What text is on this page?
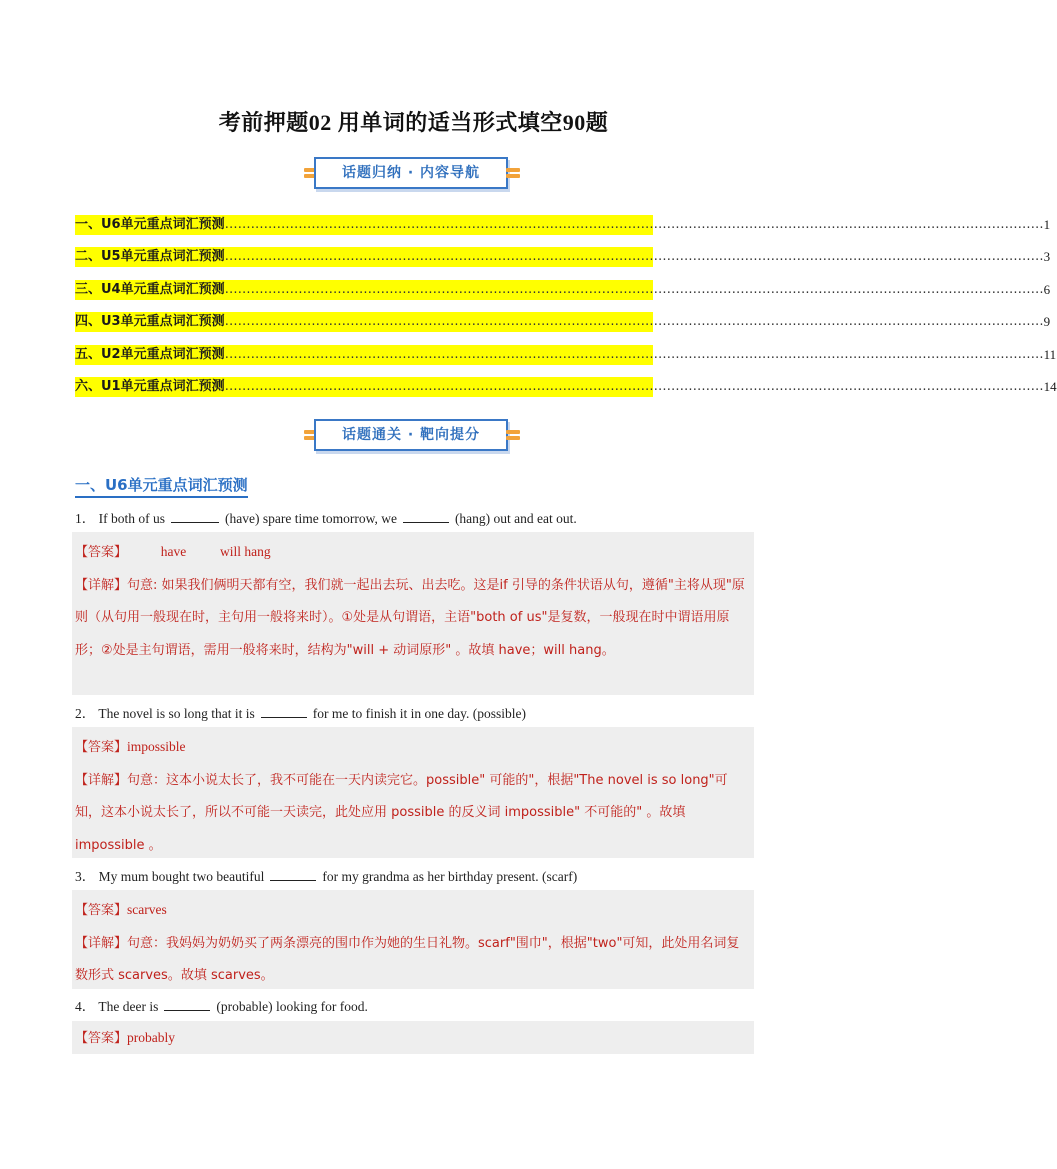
考前押题02 用单词的适当形式填空90题
话题归纳 · 内容导航
一、U6单元重点词汇预测 ……………………………………………………………………………………………………………………………………………………………………… 1
二、U5单元重点词汇预测 ……………………………………………………………………………………………………………………………………………………………………… 3
三、U4单元重点词汇预测 ……………………………………………………………………………………………………………………………………………………………………… 6
四、U3单元重点词汇预测 ……………………………………………………………………………………………………………………………………………………………………… 9
五、U2单元重点词汇预测 ……………………………………………………………………………………………………………………………………………………………………… 11
六、U1单元重点词汇预测 ……………………………………………………………………………………………………………………………………………………………………… 14
话题通关 · 靶向提分
一、U6单元重点词汇预测
1． If both of us	(have) spare time tomorrow, we	(hang) out and eat out.
【答案】	have          will hang
【详解】句意: 如果我们俩明天都有空，我们就一起出去玩、出去吃。这是if 引导的条件状语从句，遵循"主将从现"原则（从句用一般现在时，主句用一般将来时）。①处是从句谓语，主语"both of us"是复数，一般现在时中谓语用原形；②处是主句谓语，需用一般将来时，结构为"will + 动词原形" 。故填 have；will hang。
2． The novel is so long that it is	for me to finish it in one day. (possible)
【答案】impossible
【详解】句意：这本小说太长了，我不可能在一天内读完它。possible" 可能的"，根据"The novel is so long"可知，这本小说太长了，所以不可能一天读完，此处应用 possible 的反义词 impossible" 不可能的" 。故填 impossible 。
3． My mum bought two beautiful	for my grandma as her birthday present. (scarf)
【答案】scarves
【详解】句意：我妈妈为奶奶买了两条漂亮的围巾作为她的生日礼物。scarf"围巾"，根据"two"可知，此处用名词复数形式 scarves。故填 scarves。
4． The deer is	(probable) looking for food.
【答案】probably
